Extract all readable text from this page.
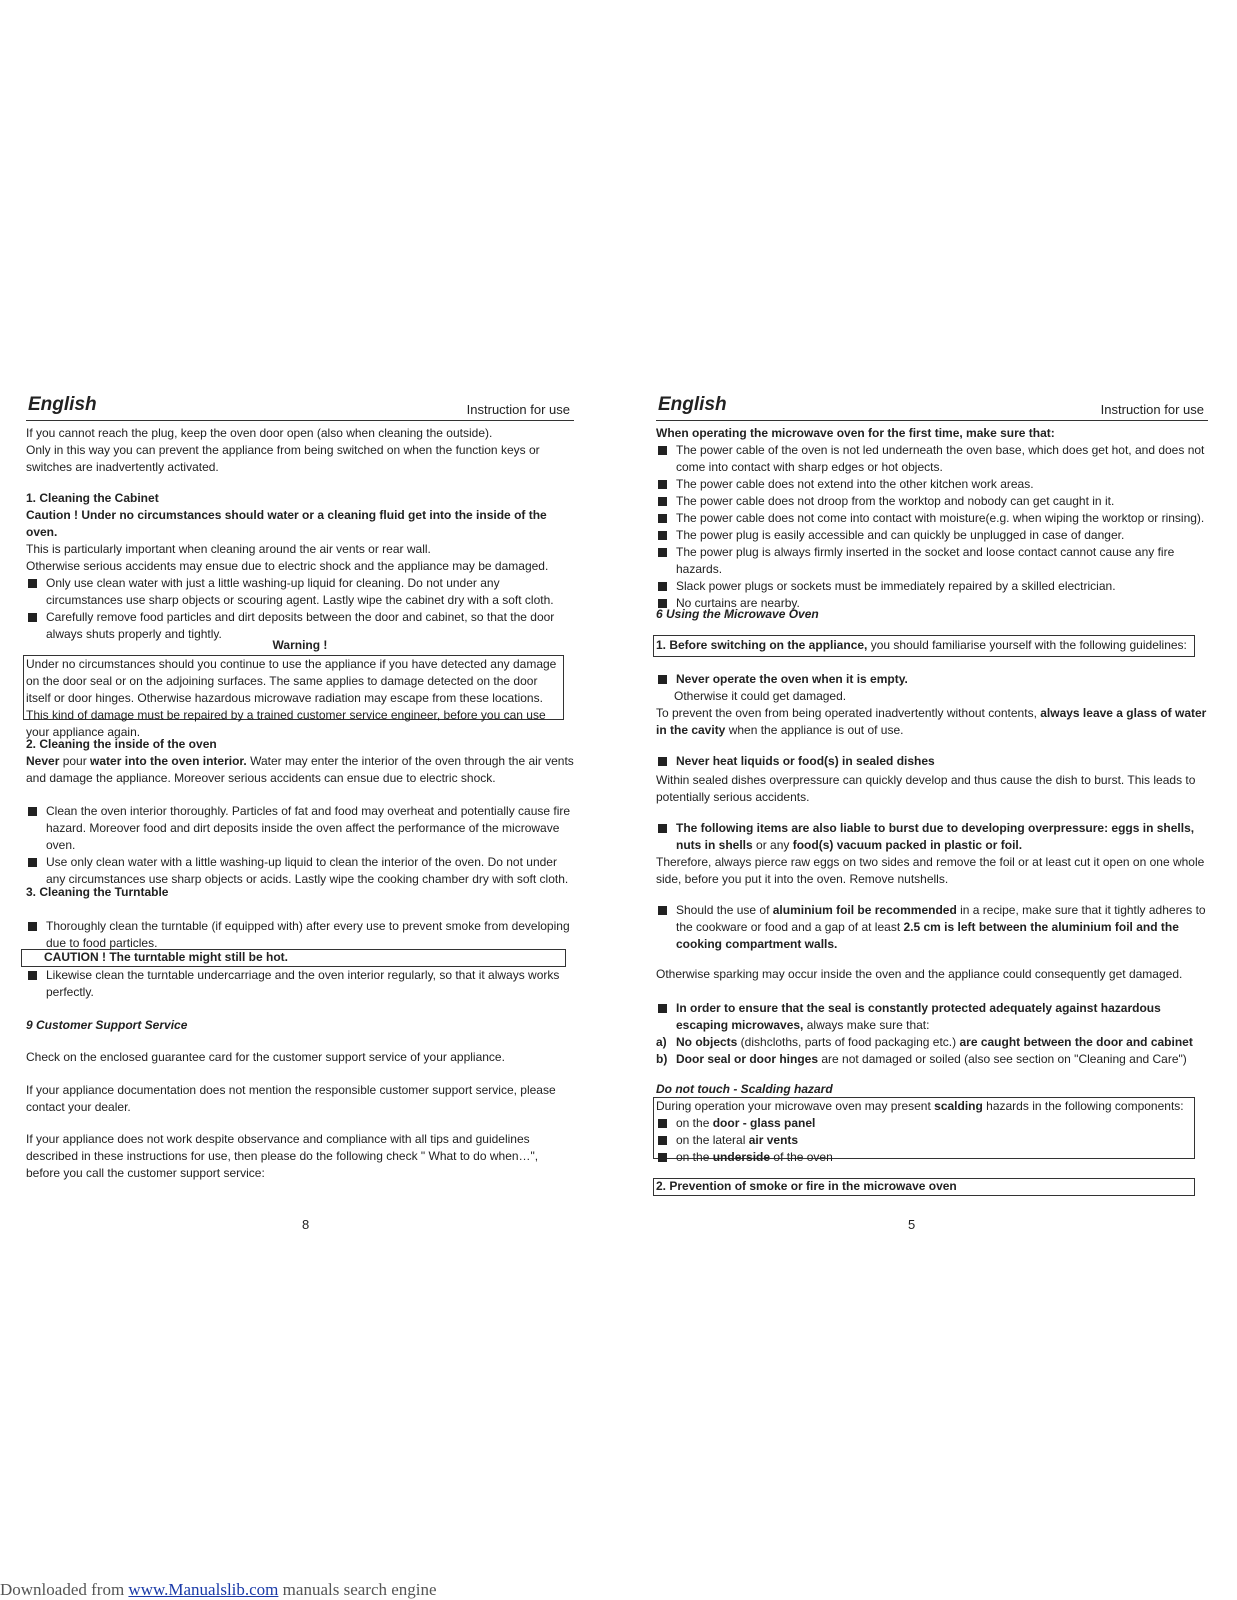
English	Instruction for use

If you cannot reach the plug, keep the oven door open (also when cleaning the outside).

Only in this way you can prevent the appliance from being switched on when the function keys or switches are inadvertently activated.

1. Cleaning the Cabinet

Caution ! Under no circumstances should water or a cleaning fluid get into the inside of the oven.

This is particularly important when cleaning around the air vents or rear wall.

Otherwise serious accidents may ensue due to electric shock and the appliance may be damaged.

Only use clean water with just a little washing-up liquid for cleaning. Do not under any circumstances use sharp objects or scouring agent. Lastly wipe the cabinet dry with a soft cloth.
Carefully remove food particles and dirt deposits between the door and cabinet, so that the door always shuts properly and tightly.

Warning !

Under no circumstances should you continue to use the appliance if you have detected any damage on the door seal or on the adjoining surfaces. The same applies to damage detected on the door itself or door hinges. Otherwise hazardous microwave radiation may escape from these locations. This kind of damage must be repaired by a trained customer service engineer, before you can use your appliance again.

2. Cleaning the inside of the oven

Never pour water into the oven interior. Water may enter the interior of the oven through the air vents and damage the appliance. Moreover serious accidents can ensue due to electric shock.

Clean the oven interior thoroughly. Particles of fat and food may overheat and potentially cause fire hazard. Moreover food and dirt deposits inside the oven affect the performance of the microwave oven.
Use only clean water with a little washing-up liquid to clean the interior of the oven. Do not under any circumstances use sharp objects or acids. Lastly wipe the cooking chamber dry with soft cloth.

3. Cleaning the Turntable

Thoroughly clean the turntable (if equipped with) after every use to prevent smoke from developing due to food particles.
CAUTION ! The turntable might still be hot.
Likewise clean the turntable undercarriage and the oven interior regularly, so that it always works perfectly.

9 Customer Support Service

Check on the enclosed guarantee card for the customer support service of your appliance.

If your appliance documentation does not mention the responsible customer support service, please contact your dealer.

If your appliance does not work despite observance and compliance with all tips and guidelines described in these instructions for use, then please do the following check " What to do when…", before you call the customer support service:

8
English	Instruction for use

When operating the microwave oven for the first time, make sure that:

The power cable of the oven is not led underneath the oven base, which does get hot, and does not come into contact with sharp edges or hot objects.
The power cable does not extend into the other kitchen work areas.
The power cable does not droop from the worktop and nobody can get caught in it.
The power cable does not come into contact with moisture(e.g. when wiping the worktop or rinsing).
The power plug is easily accessible and can quickly be unplugged in case of danger.
The power plug is always firmly inserted in the socket and loose contact cannot cause any fire hazards.
Slack power plugs or sockets must be immediately repaired by a skilled electrician.
No curtains are nearby.

6 Using the Microwave Oven

1. Before switching on the appliance, you should familiarise yourself with the following guidelines:
Never operate the oven when it is empty.

Otherwise it could get damaged.

To prevent the oven from being operated inadvertently without contents, always leave a glass of water in the cavity when the appliance is out of use.

Never heat liquids or food(s) in sealed dishes

Within sealed dishes overpressure can quickly develop and thus cause the dish to burst. This leads to potentially serious accidents.

The following items are also liable to burst due to developing overpressure: eggs in shells, nuts in shells or any food(s) vacuum packed in plastic or foil.

Therefore, always pierce raw eggs on two sides and remove the foil or at least cut it open on one whole side, before you put it into the oven. Remove nutshells.

Should the use of aluminium foil be recommended in a recipe, make sure that it tightly adheres to the cookware or food and a gap of at least 2.5 cm is left between the aluminium foil and the cooking compartment walls.

Otherwise sparking may occur inside the oven and the appliance could consequently get damaged.

In order to ensure that the seal is constantly protected adequately against hazardous escaping microwaves, always make sure that:
a) No objects (dishcloths, parts of food packaging etc.) are caught between the door and cabinet
b) Door seal or door hinges are not damaged or soiled (also see section on "Cleaning and Care")

Do not touch - Scalding hazard

During operation your microwave oven may present scalding hazards in the following components:

on the door - glass panel
on the lateral air vents
on the underside of the oven
2. Prevention of smoke or fire in the microwave oven
5
Downloaded from www.Manualslib.com manuals search engine
